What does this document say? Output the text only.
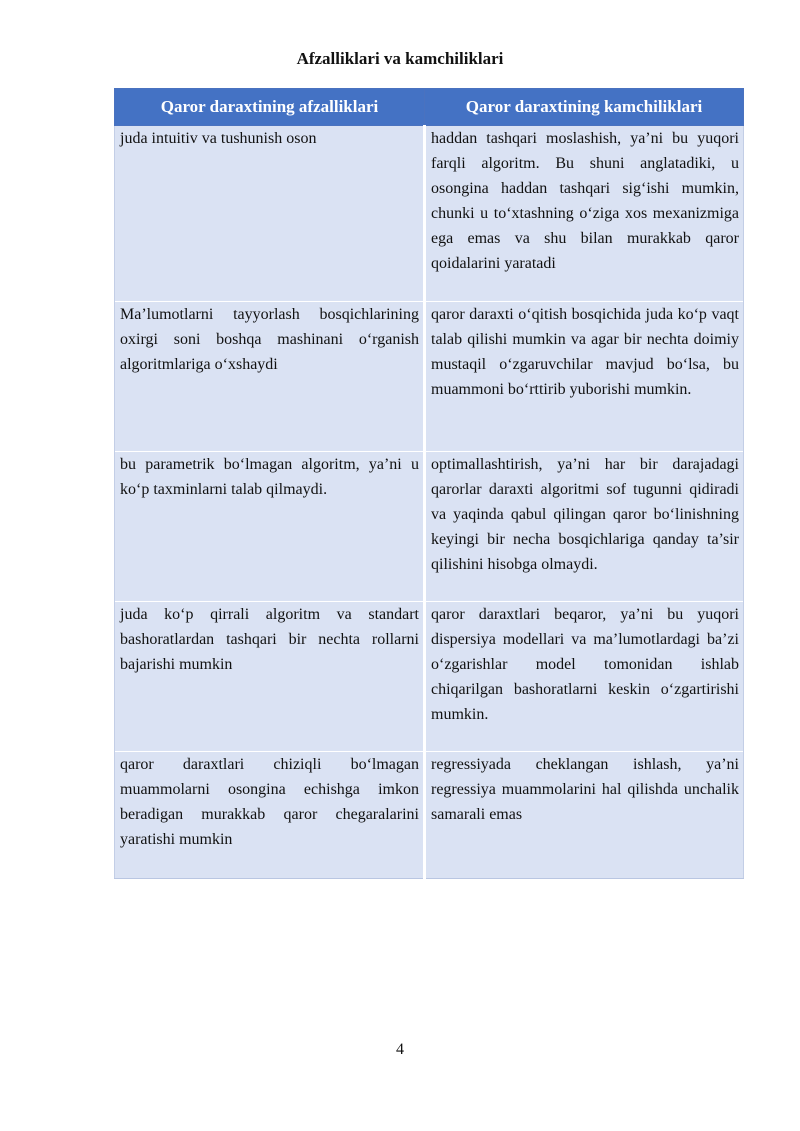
Afzalliklari va kamchiliklari
Qaror daraxtining afzalliklari	Qaror daraxtining kamchiliklari
juda intuitiv va tushunish oson	haddan tashqari moslashish, ya’ni bu yuqori farqli algoritm. Bu shuni anglatadiki, u osongina haddan tashqari sig‘ishi mumkin, chunki u to‘xtashning o‘ziga xos mexanizmiga ega emas va shu bilan murakkab qaror qoidalarini yaratadi
Ma’lumotlarni tayyorlash bosqichlarining oxirgi soni boshqa mashinani o‘rganish algoritmlariga o‘xshaydi	qaror daraxti o‘qitish bosqichida juda ko‘p vaqt talab qilishi mumkin va agar bir nechta doimiy mustaqil o‘zgaruvchilar mavjud bo‘lsa, bu muammoni bo‘rttirib yuborishi mumkin.
bu parametrik bo‘lmagan algoritm, ya’ni u ko‘p taxminlarni talab qilmaydi.	optimallashtirish, ya’ni har bir darajadagi qarorlar daraxti algoritmi sof tugunni qidiradi va yaqinda qabul qilingan qaror bo‘linishning keyingi bir necha bosqichlariga qanday ta’sir qilishini hisobga olmaydi.
juda ko‘p qirrali algoritm va standart bashoratlardan tashqari bir nechta rollarni bajarishi mumkin	qaror daraxtlari beqaror, ya’ni bu yuqori dispersiya modellari va ma’lumotlardagi ba’zi o‘zgarishlar model tomonidan ishlab chiqarilgan bashoratlarni keskin o‘zgartirishi mumkin.
qaror daraxtlari chiziqli bo‘lmagan muammolarni osongina echishga imkon beradigan murakkab qaror chegaralarini yaratishi mumkin	regressiyada cheklangan ishlash, ya’ni regressiya muammolarini hal qilishda unchalik samarali emas
4
